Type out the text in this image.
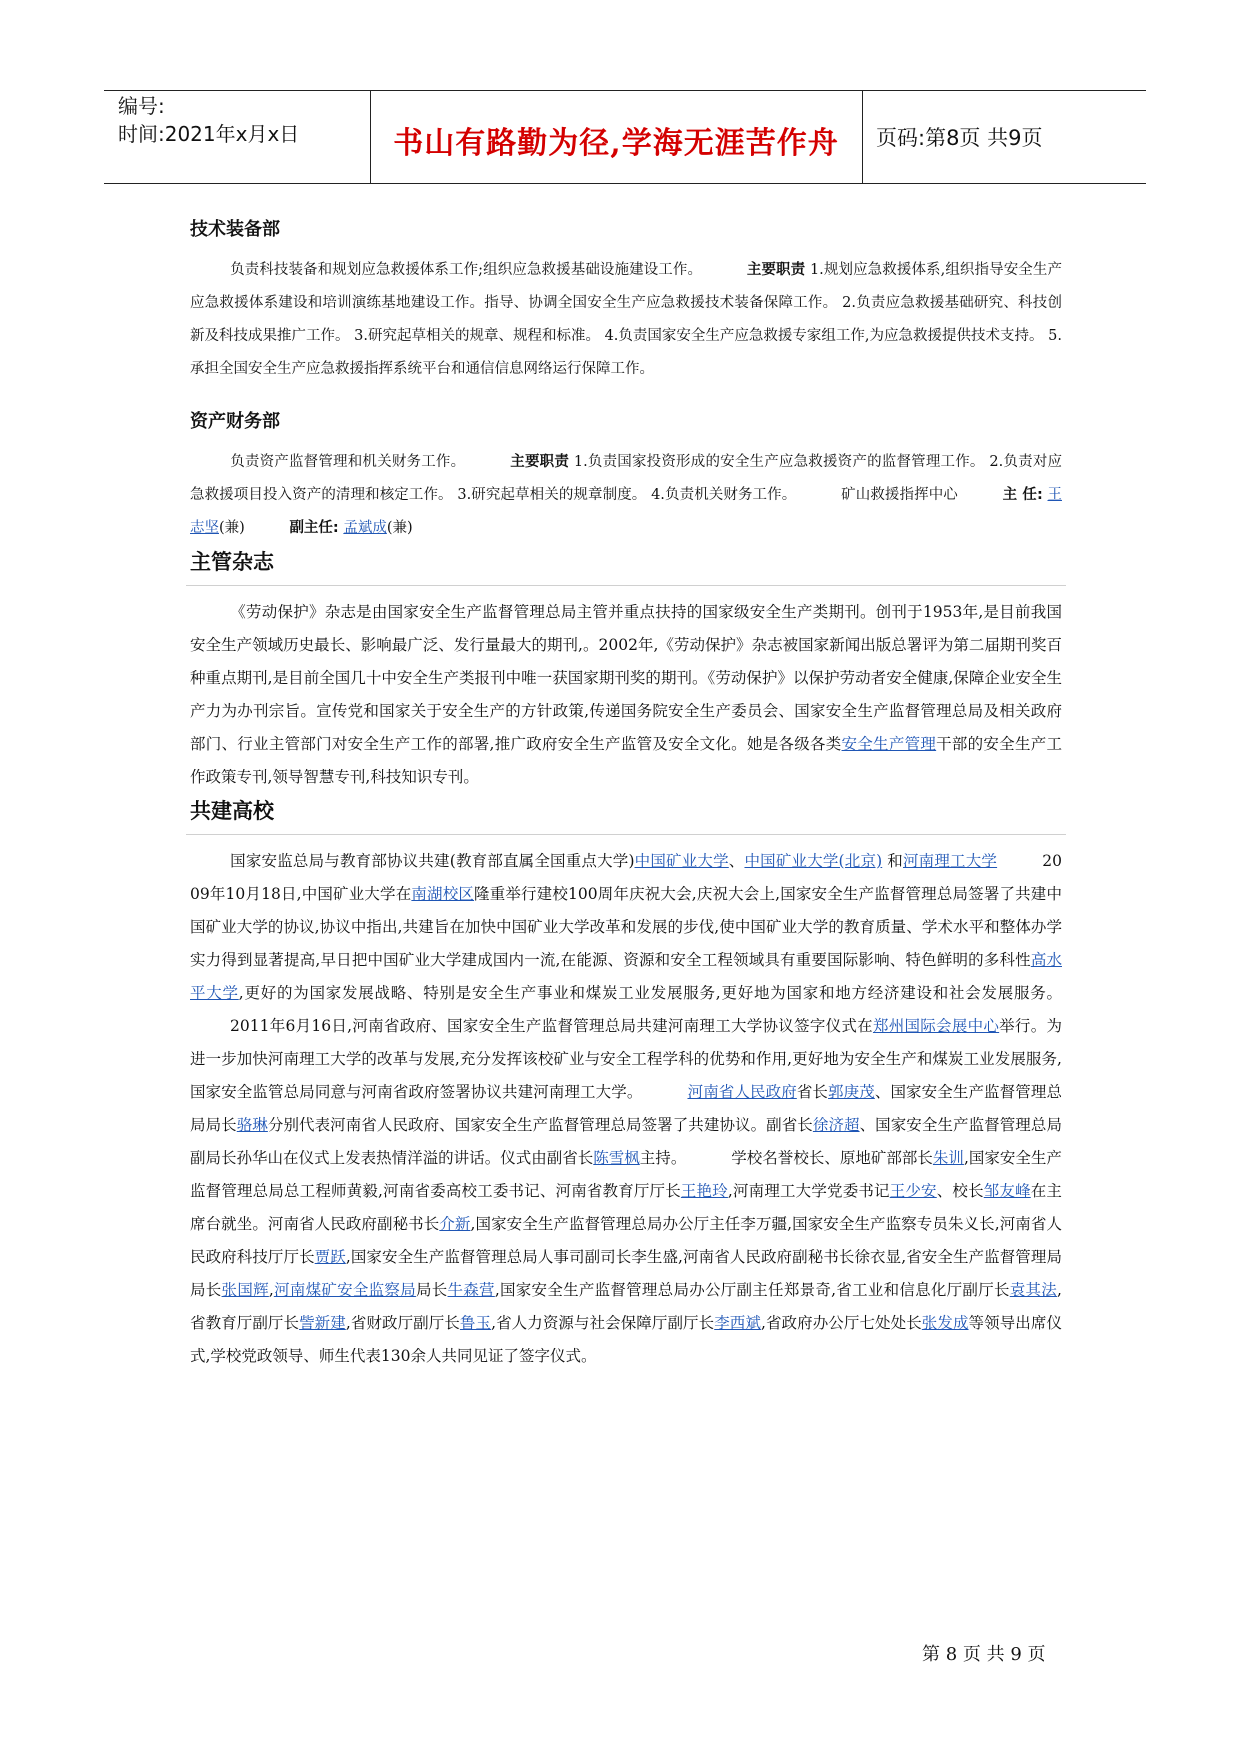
编号:
时间:2021年x月x日	书山有路勤为径,学海无涯苦作舟	页码:第8页 共9页
技术装备部

负责科技装备和规划应急救援体系工作;组织应急救援基础设施建设工作。	主要职责 1.规划应急救援体系,组织指导安全生产应急救援体系建设和培训演练基地建设工作。指导、协调全国安全生产应急救援技术装备保障工作。 2.负责应急救援基础研究、科技创新及科技成果推广工作。 3.研究起草相关的规章、规程和标准。 4.负责国家安全生产应急救援专家组工作,为应急救援提供技术支持。 5.承担全国安全生产应急救援指挥系统平台和通信信息网络运行保障工作。

资产财务部

负责资产监督管理和机关财务工作。	主要职责 1.负责国家投资形成的安全生产应急救援资产的监督管理工作。 2.负责对应急救援项目投入资产的清理和核定工作。 3.研究起草相关的规章制度。 4.负责机关财务工作。	矿山救援指挥中心	主 任: 王志坚(兼)	副主任: 孟斌成(兼)

主管杂志

《劳动保护》杂志是由国家安全生产监督管理总局主管并重点扶持的国家级安全生产类期刊。创刊于1953年,是目前我国安全生产领域历史最长、影响最广泛、发行量最大的期刊,。2002年,《劳动保护》杂志被国家新闻出版总署评为第二届期刊奖百种重点期刊,是目前全国几十中安全生产类报刊中唯一获国家期刊奖的期刊。《劳动保护》以保护劳动者安全健康,保障企业安全生产力为办刊宗旨。宣传党和国家关于安全生产的方针政策,传递国务院安全生产委员会、国家安全生产监督管理总局及相关政府部门、行业主管部门对安全生产工作的部署,推广政府安全生产监管及安全文化。她是各级各类安全生产管理干部的安全生产工作政策专刊,领导智慧专刊,科技知识专刊。

共建高校

国家安监总局与教育部协议共建(教育部直属全国重点大学)中国矿业大学、中国矿业大学(北京) 和河南理工大学	2009年10月18日,中国矿业大学在南湖校区隆重举行建校100周年庆祝大会,庆祝大会上,国家安全生产监督管理总局签署了共建中国矿业大学的协议,协议中指出,共建旨在加快中国矿业大学改革和发展的步伐,使中国矿业大学的教育质量、学术水平和整体办学实力得到显著提高,早日把中国矿业大学建成国内一流,在能源、资源和安全工程领域具有重要国际影响、特色鲜明的多科性高水平大学,更好的为国家发展战略、特别是安全生产事业和煤炭工业发展服务,更好地为国家和地方经济建设和社会发展服务。 2011年6月16日,河南省政府、国家安全生产监督管理总局共建河南理工大学协议签字仪式在郑州国际会展中心举行。为进一步加快河南理工大学的改革与发展,充分发挥该校矿业与安全工程学科的优势和作用,更好地为安全生产和煤炭工业发展服务,国家安全监管总局同意与河南省政府签署协议共建河南理工大学。	河南省人民政府省长郭庚茂、国家安全生产监督管理总局局长骆琳分别代表河南省人民政府、国家安全生产监督管理总局签署了共建协议。副省长徐济超、国家安全生产监督管理总局副局长孙华山在仪式上发表热情洋溢的讲话。仪式由副省长陈雪枫主持。	学校名誉校长、原地矿部部长朱训,国家安全生产监督管理总局总工程师黄毅,河南省委高校工委书记、河南省教育厅厅长王艳玲,河南理工大学党委书记王少安、校长邹友峰在主席台就坐。河南省人民政府副秘书长介新,国家安全生产监督管理总局办公厅主任李万疆,国家安全生产监察专员朱义长,河南省人民政府科技厅厅长贾跃,国家安全生产监督管理总局人事司副司长李生盛,河南省人民政府副秘书长徐衣显,省安全生产监督管理局局长张国辉,河南煤矿安全监察局局长牛森营,国家安全生产监督管理总局办公厅副主任郑景奇,省工业和信息化厅副厅长袁其法,省教育厅副厅长訾新建,省财政厅副厅长鲁玉,省人力资源与社会保障厅副厅长李西斌,省政府办公厅七处处长张发成等领导出席仪式,学校党政领导、师生代表130余人共同见证了签字仪式。

第 8 页 共 9 页
